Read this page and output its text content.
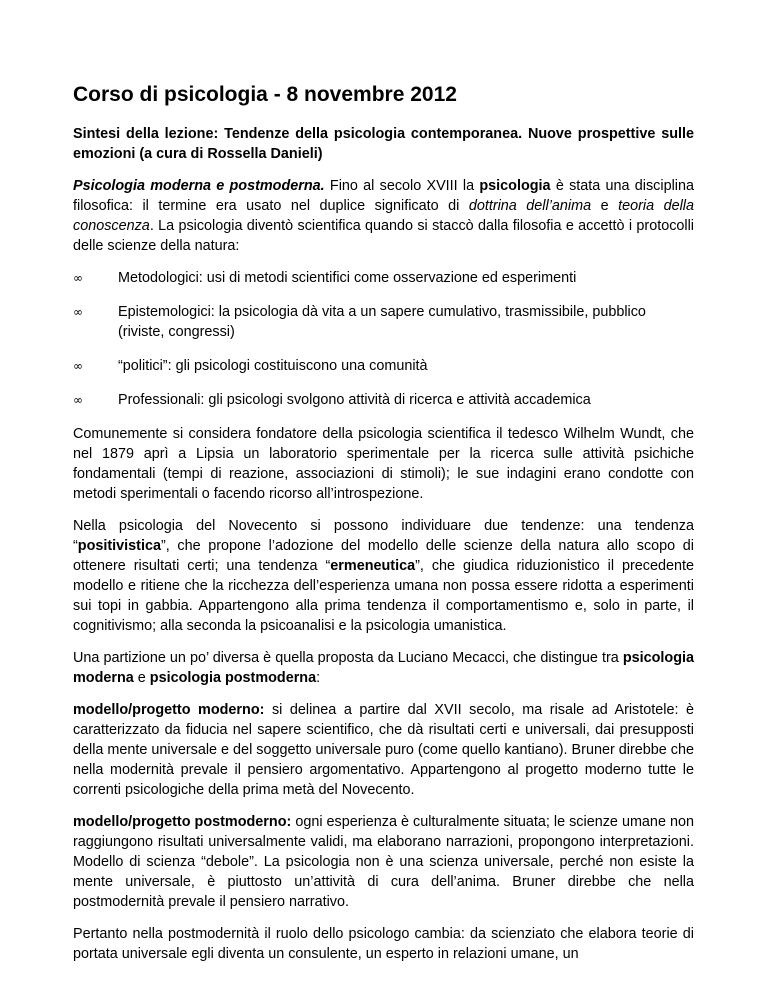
Corso di psicologia - 8 novembre 2012

Sintesi della lezione: Tendenze della psicologia contemporanea. Nuove prospettive sulle emozioni (a cura di Rossella Danieli)

Psicologia moderna e postmoderna. Fino al secolo XVIII la psicologia è stata una disciplina filosofica: il termine era usato nel duplice significato di dottrina dell’anima e teoria della conoscenza. La psicologia diventò scientifica quando si staccò dalla filosofia e accettò i protocolli delle scienze della natura:

∞ Metodologici: usi di metodi scientifici come osservazione ed esperimenti
∞ Epistemologici: la psicologia dà vita a un sapere cumulativo, trasmissibile, pubblico (riviste, congressi)
∞ “politici”: gli psicologi costituiscono una comunità
∞ Professionali: gli psicologi svolgono attività di ricerca e attività accademica

Comunemente si considera fondatore della psicologia scientifica il tedesco Wilhelm Wundt, che nel 1879 aprì a Lipsia un laboratorio sperimentale per la ricerca sulle attività psichiche fondamentali (tempi di reazione, associazioni di stimoli); le sue indagini erano condotte con metodi sperimentali o facendo ricorso all’introspezione.

Nella psicologia del Novecento si possono individuare due tendenze: una tendenza “positivistica”, che propone l’adozione del modello delle scienze della natura allo scopo di ottenere risultati certi; una tendenza “ermeneutica”, che giudica riduzionistico il precedente modello e ritiene che la ricchezza dell’esperienza umana non possa essere ridotta a esperimenti sui topi in gabbia. Appartengono alla prima tendenza il comportamentismo e, solo in parte, il cognitivismo; alla seconda la psicoanalisi e la psicologia umanistica.

Una partizione un po’ diversa è quella proposta da Luciano Mecacci, che distingue tra psicologia moderna e psicologia postmoderna:

modello/progetto moderno: si delinea a partire dal XVII secolo, ma risale ad Aristotele: è caratterizzato da fiducia nel sapere scientifico, che dà risultati certi e universali, dai presupposti della mente universale e del soggetto universale puro (come quello kantiano). Bruner direbbe che nella modernità prevale il pensiero argomentativo. Appartengono al progetto moderno tutte le correnti psicologiche della prima metà del Novecento.

modello/progetto postmoderno: ogni esperienza è culturalmente situata; le scienze umane non raggiungono risultati universalmente validi, ma elaborano narrazioni, propongono interpretazioni. Modello di scienza “debole”. La psicologia non è una scienza universale, perché non esiste la mente universale, è piuttosto un’attività di cura dell’anima. Bruner direbbe che nella postmodernità prevale il pensiero narrativo.

Pertanto nella postmodernità il ruolo dello psicologo cambia: da scienziato che elabora teorie di portata universale egli diventa un consulente, un esperto in relazioni umane, un
